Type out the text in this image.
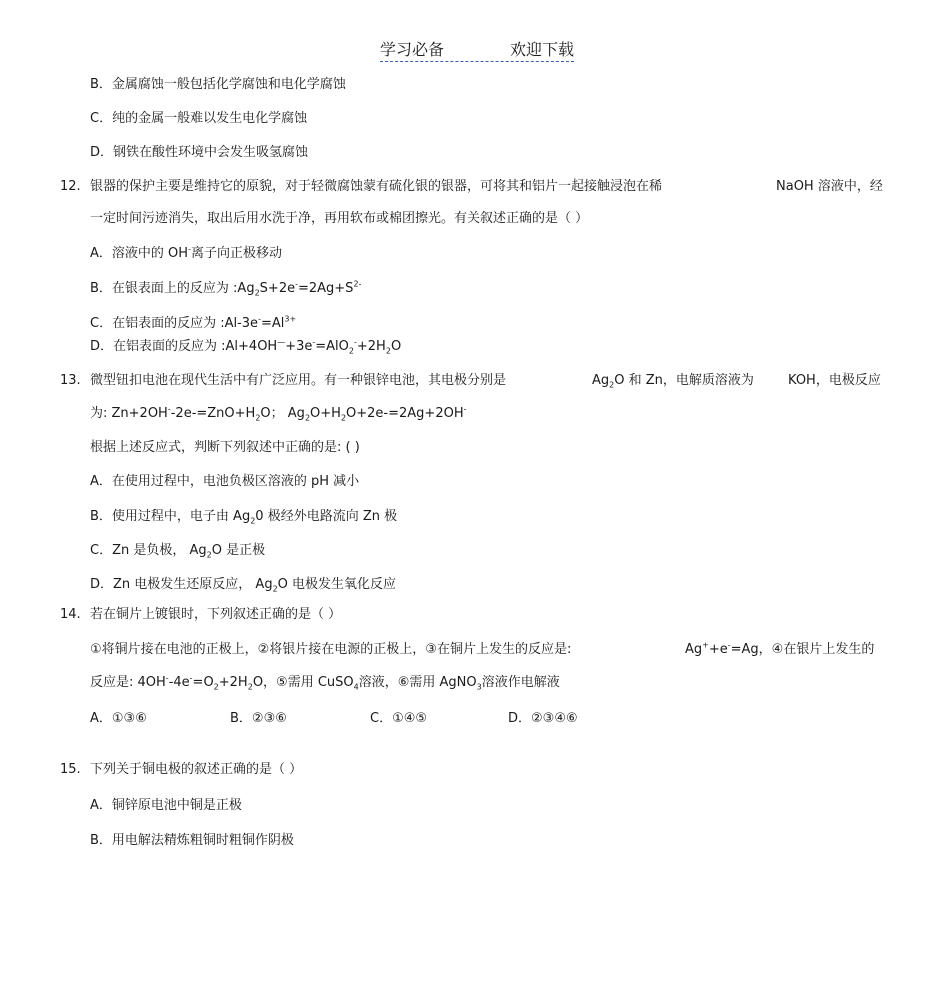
学习必备	欢迎下载
B．金属腐蚀一般包括化学腐蚀和电化学腐蚀
C．纯的金属一般难以发生电化学腐蚀
D．钢铁在酸性环境中会发生吸氢腐蚀
12. 银器的保护主要是维持它的原貌，对于轻微腐蚀蒙有硫化银的银器，可将其和铝片一起接触浸泡在稀	NaOH 溶液中，经
一定时间污迹消失，取出后用水洗于净，再用软布或棉团擦光。有关叙述正确的是（ ）
A．溶液中的 OH-离子向正极移动
B．在银表面上的反应为 $:Ag_2S+2e^-=2Ag+S^{2-}$
C．在铝表面的反应为 $:Al-3e^-=Al^{3+}$
D．在铝表面的反应为 $:Al+4OH^—+3e^-=AlO_2^-+2H_2O$
13. 微型钮扣电池在现代生活中有广泛应用。有一种银锌电池，其电极分别是	$Ag_2O$ 和 Zn，电解质溶液为	KOH，电极反应
为: $Zn+2OH^--2e-=ZnO+H_2O$； $Ag_2O+H_2O+2e-=2Ag+2OH^-$
根据上述反应式，判断下列叙述中正确的是: ( )
A．在使用过程中，电池负极区溶液的 pH 减小
B．使用过程中，电子由 $Ag_20$ 极经外电路流向 Zn 极
C．Zn 是负极， $Ag_2O$ 是正极
D．Zn 电极发生还原反应， $Ag_2O$ 电极发生氧化反应
14. 若在铜片上镀银时，下列叙述正确的是（ ）
①将铜片接在电池的正极上，②将银片接在电源的正极上，③在铜片上发生的反应是:	Ag++e-=Ag，④在银片上发生的
反应是: $4OH^--4e^-=O_2+2H_2O$，⑤需用 CuSO$_4$溶液，⑥需用 AgNO$_3$溶液作电解液
A．①③⑥	B．②③⑥	C．①④⑤	D．②③④⑥
15. 下列关于铜电极的叙述正确的是（ ）
A．铜锌原电池中铜是正极
B．用电解法精炼粗铜时粗铜作阴极
